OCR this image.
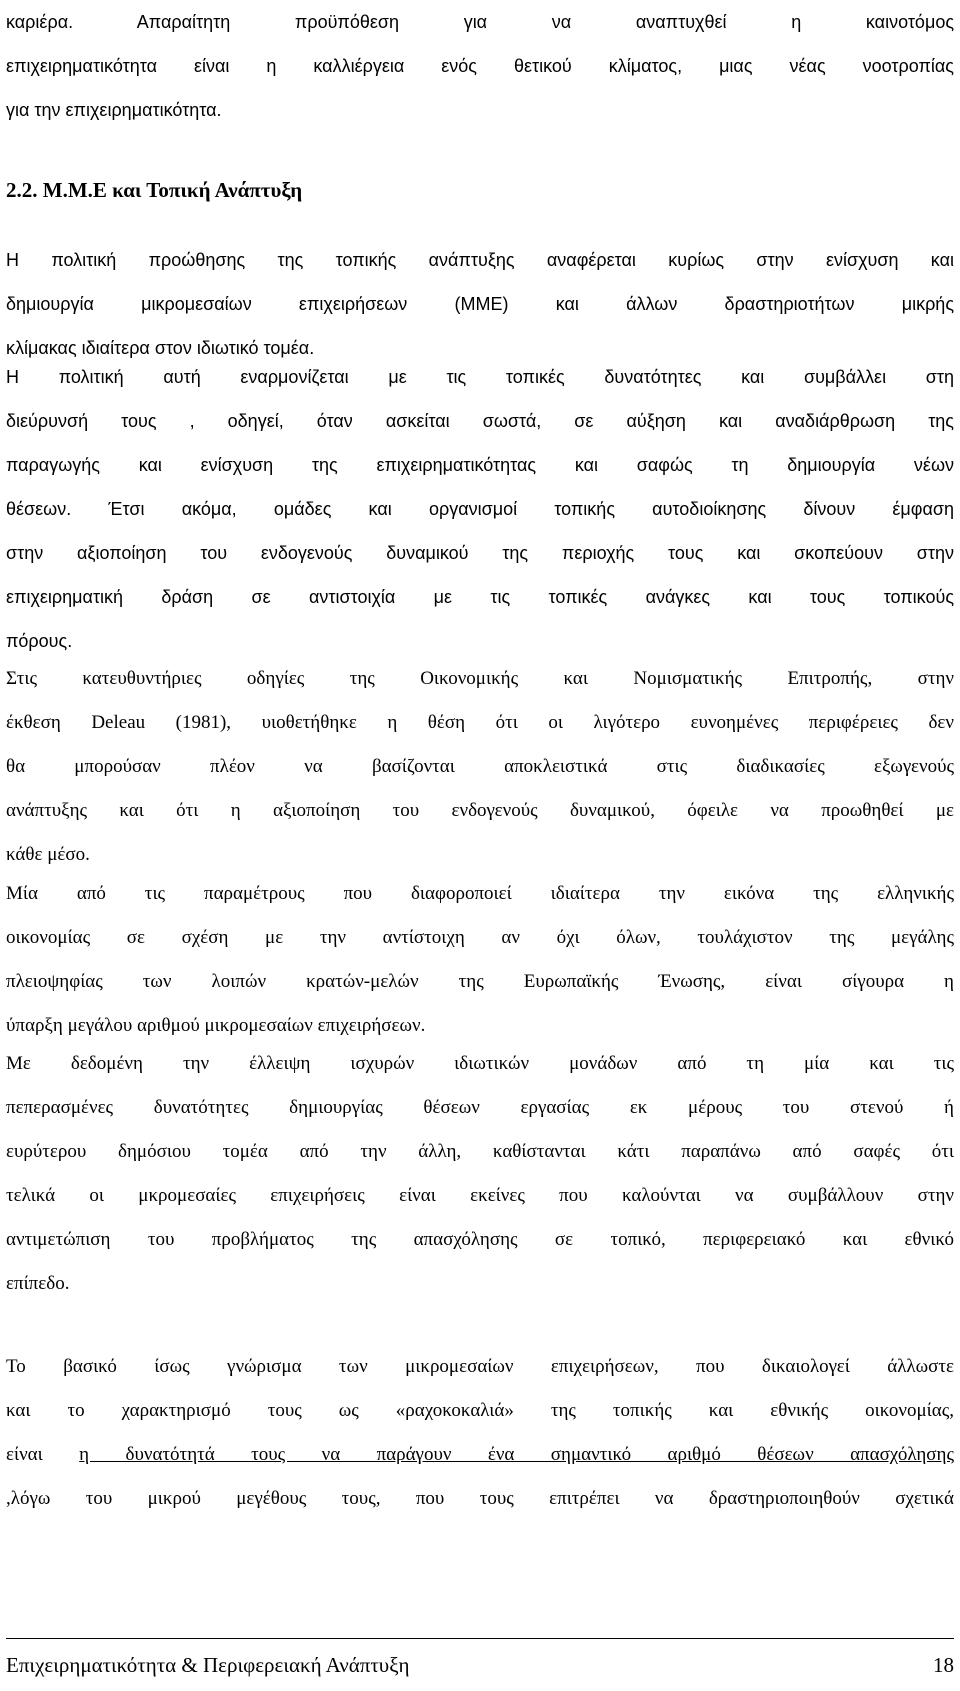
καριέρα. Απαραίτητη προϋπόθεση για να αναπτυχθεί η καινοτόμος
επιχειρηματικότητα είναι η καλλιέργεια ενός θετικού κλίματος, μιας νέας νοοτροπίας
για την επιχειρηματικότητα.

2.2. Μ.Μ.Ε και Τοπική Ανάπτυξη

Η πολιτική προώθησης της τοπικής ανάπτυξης αναφέρεται κυρίως στην ενίσχυση και
δημιουργία μικρομεσαίων επιχειρήσεων (ΜΜΕ) και άλλων δραστηριοτήτων μικρής
κλίμακας ιδιαίτερα στον ιδιωτικό τομέα.

Η πολιτική αυτή εναρμονίζεται με τις τοπικές δυνατότητες και συμβάλλει στη
διεύρυνσή τους , οδηγεί, όταν ασκείται σωστά, σε αύξηση και αναδιάρθρωση της
παραγωγής και ενίσχυση της επιχειρηματικότητας και σαφώς τη δημιουργία νέων
θέσεων. Έτσι ακόμα, ομάδες και οργανισμοί τοπικής αυτοδιοίκησης δίνουν έμφαση
στην αξιοποίηση του ενδογενούς δυναμικού της περιοχής τους και σκοπεύουν στην
επιχειρηματική δράση σε αντιστοιχία με τις τοπικές ανάγκες και τους τοπικούς
πόρους.

Στις κατευθυντήριες οδηγίες της Οικονομικής και Νομισματικής Επιτροπής, στην
έκθεση Deleau (1981), υιοθετήθηκε η θέση ότι οι λιγότερο ευνοημένες περιφέρειες δεν
θα μπορούσαν πλέον να βασίζονται αποκλειστικά στις διαδικασίες εξωγενούς
ανάπτυξης και ότι η αξιοποίηση του ενδογενούς δυναμικού, όφειλε να προωθηθεί με
κάθε μέσο.

Μία από τις παραμέτρους που διαφοροποιεί ιδιαίτερα την εικόνα της ελληνικής
οικονομίας σε σχέση με την αντίστοιχη αν όχι όλων, τουλάχιστον της μεγάλης
πλειοψηφίας των λοιπών κρατών-μελών της Ευρωπαϊκής Ένωσης, είναι σίγουρα η
ύπαρξη μεγάλου αριθμού μικρομεσαίων επιχειρήσεων.

Με δεδομένη την έλλειψη ισχυρών ιδιωτικών μονάδων από τη μία και τις
πεπερασμένες δυνατότητες δημιουργίας θέσεων εργασίας εκ μέρους του στενού ή
ευρύτερου δημόσιου τομέα από την άλλη, καθίστανται κάτι παραπάνω από σαφές ότι
τελικά οι μκρομεσαίες επιχειρήσεις είναι εκείνες που καλούνται να συμβάλλουν στην
αντιμετώπιση του προβλήματος της απασχόλησης σε τοπικό, περιφερειακό και εθνικό
επίπεδο.

Το βασικό ίσως γνώρισμα των μικρομεσαίων επιχειρήσεων, που δικαιολογεί άλλωστε
και το χαρακτηρισμό τους ως «ραχοκοκαλιά» της τοπικής και εθνικής οικονομίας,
είναι η δυνατότητά τους να παράγουν ένα σημαντικό αριθμό θέσεων απασχόλησης
,λόγω του μικρού μεγέθους τους, που τους επιτρέπει να δραστηριοποιηθούν σχετικά

Επιχειρηματικότητα & Περιφερειακή Ανάπτυξη	18
